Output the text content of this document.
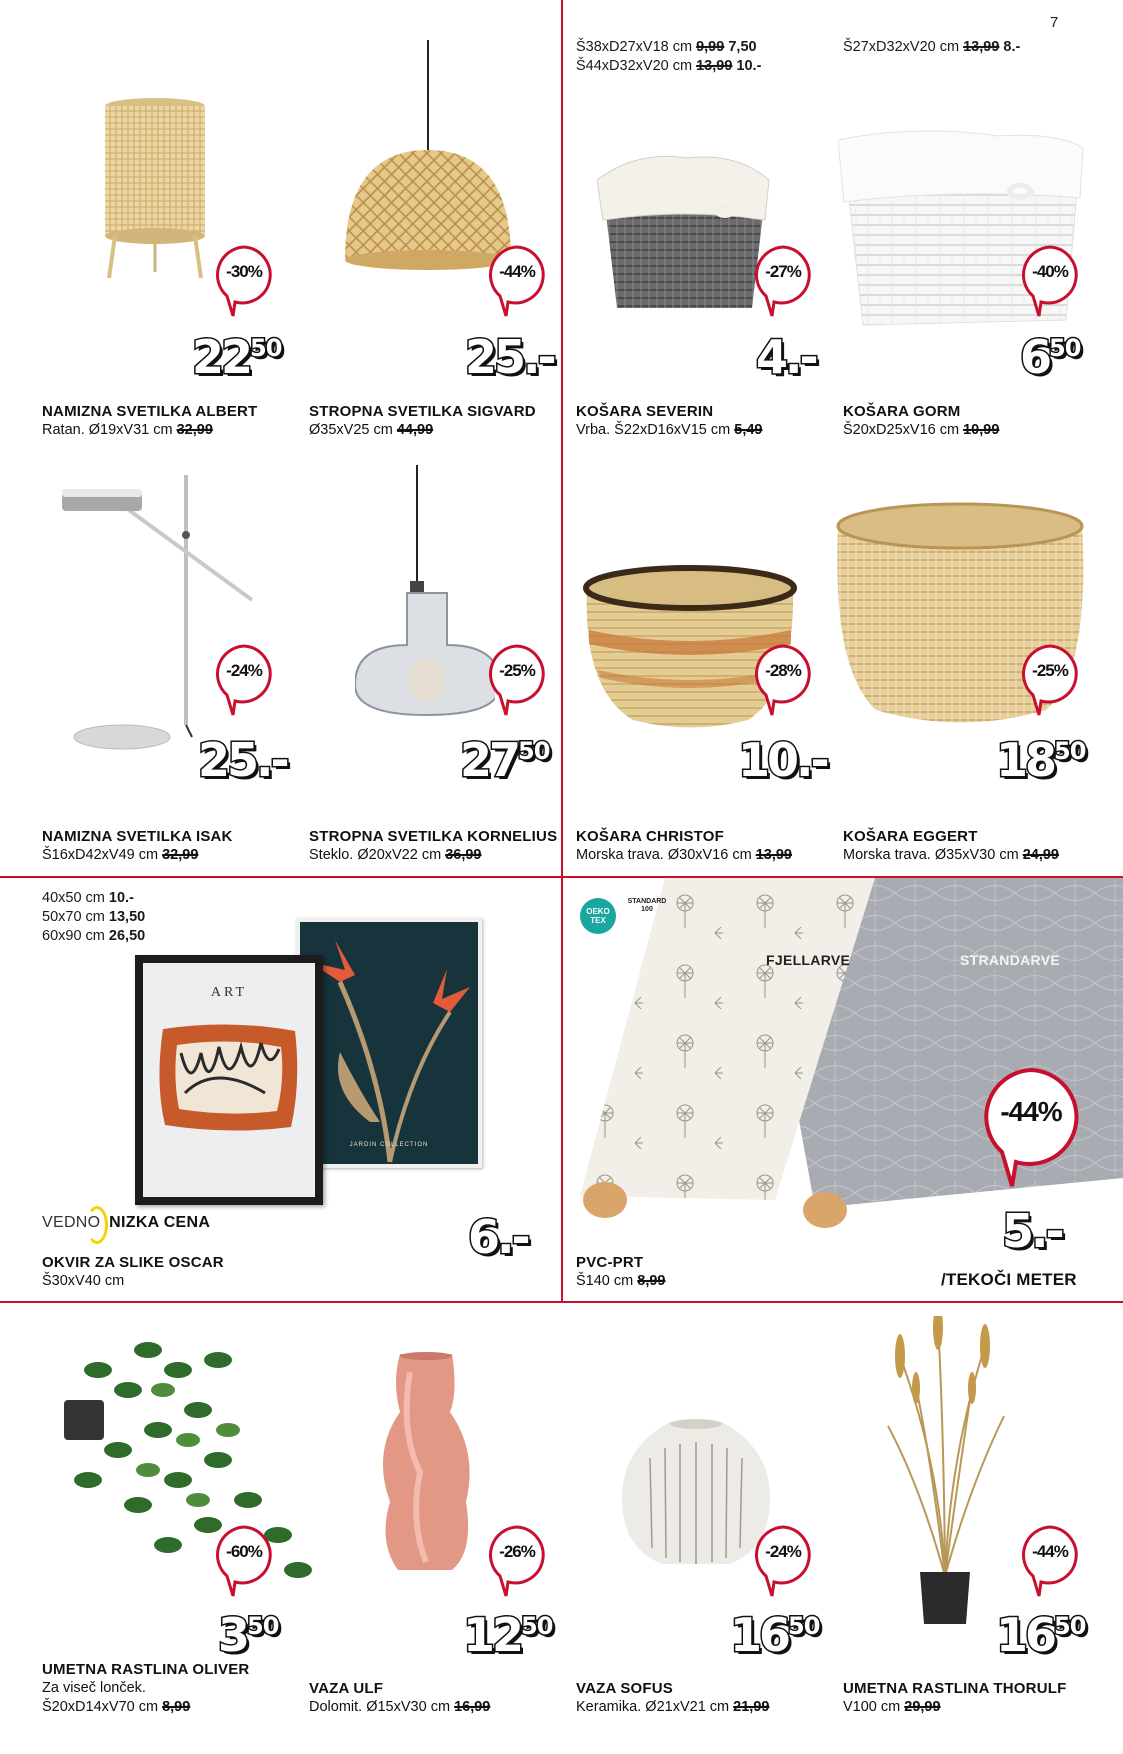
7
-30%
2250
NAMIZNA SVETILKA ALBERT
Ratan. Ø19xV31 cm 32,99
-44%
25.-
STROPNA SVETILKA SIGVARD
Ø35xV25 cm 44,99
Š38xD27xV18 cm 9,99 7,50
Š44xD32xV20 cm 13,99 10.-
-27%
4.-
KOŠARA SEVERIN
Vrba. Š22xD16xV15 cm 5,49
Š27xD32xV20 cm 13,99 8.-
-40%
650
KOŠARA GORM
Š20xD25xV16 cm 10,99
-24%
25.-
NAMIZNA SVETILKA ISAK
Š16xD42xV49 cm 32,99
-25%
2750
STROPNA SVETILKA KORNELIUS
Steklo. Ø20xV22 cm 36,99
-28%
10.-
KOŠARA CHRISTOF
Morska trava. Ø30xV16 cm 13,99
-25%
1850
KOŠARA EGGERT
Morska trava. Ø35xV30 cm 24,99
40x50 cm 10.-
50x70 cm 13,50
60x90 cm 26,50
JARDIN COLLECTION
ART
VEDNO NIZKA CENA	6.-
OKVIR ZA SLIKE OSCAR
Š30xV40 cm
OEKO TEX
STANDARD 100
FJELLARVE	STRANDARVE
-44%
5.-
/TEKOČI METER
PVC-PRT
Š140 cm 8,99
-60%
350
UMETNA RASTLINA OLIVER
Za viseč lonček.
Š20xD14xV70 cm 8,99
-26%
1250
VAZA ULF
Dolomit. Ø15xV30 cm 16,99
-24%
1650
VAZA SOFUS
Keramika. Ø21xV21 cm 21,99
-44%
1650
UMETNA RASTLINA THORULF
V100 cm 29,99
